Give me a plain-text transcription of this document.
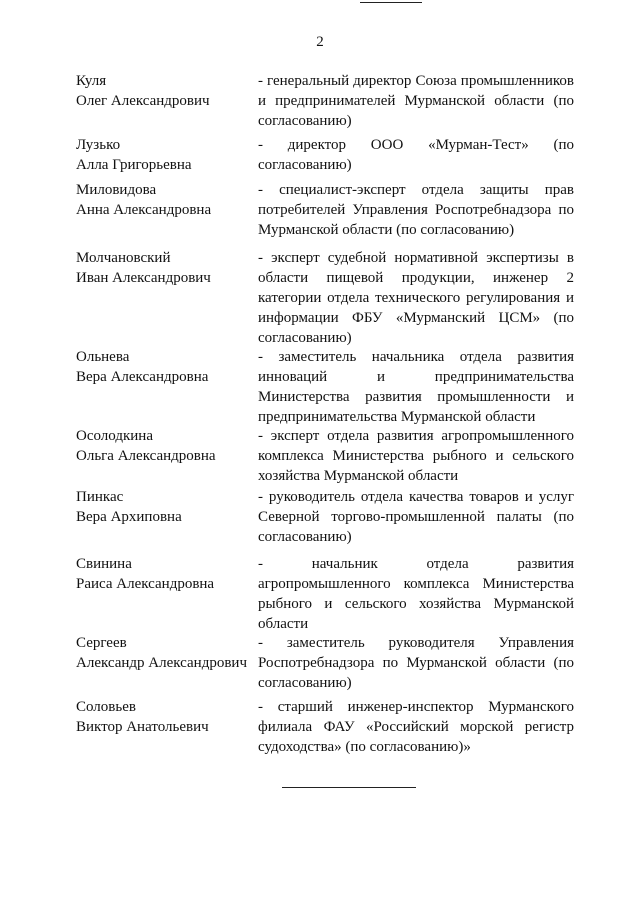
2
Куля
Олег Александрович
- генеральный директор Союза промышленников и предпринимателей Мурманской области (по согласованию)
Лузько
Алла Григорьевна
- директор ООО «Мурман-Тест» (по согласованию)
Миловидова
Анна Александровна
- специалист-эксперт отдела защиты прав потребителей Управления Роспотребнадзора по Мурманской области (по согласованию)
Молчановский
Иван Александрович
- эксперт судебной нормативной экспертизы в области пищевой продукции, инженер 2 категории отдела технического регулирования и информации ФБУ «Мурманский ЦСМ» (по согласованию)
Ольнева
Вера Александровна
- заместитель начальника отдела развития инноваций и предпринимательства Министерства развития промышленности и предпринимательства Мурманской области
Осолодкина
Ольга Александровна
- эксперт отдела развития агропромышленного комплекса Министерства рыбного и сельского хозяйства Мурманской области
Пинкас
Вера Архиповна
- руководитель отдела качества товаров и услуг Северной торгово-промышленной палаты (по согласованию)
Свинина
Раиса Александровна
- начальник отдела развития агропромышленного комплекса Министерства рыбного и сельского хозяйства Мурманской области
Сергеев
Александр Александрович
- заместитель руководителя Управления Роспотребнадзора по Мурманской области (по согласованию)
Соловьев
Виктор Анатольевич
- старший инженер-инспектор Мурманского филиала ФАУ «Российский морской регистр судоходства» (по согласованию)»
